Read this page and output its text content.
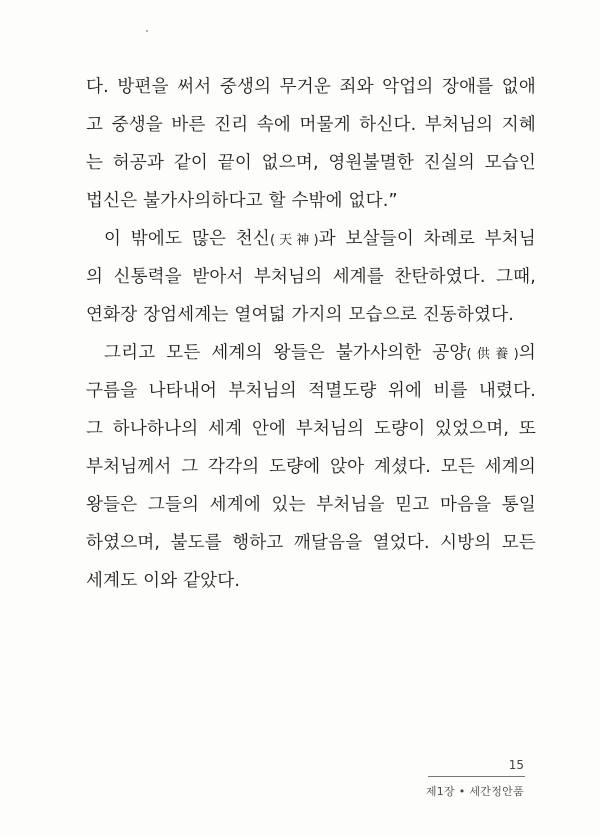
다. 방편을 써서 중생의 무거운 죄와 악업의 장애를 없애
고 중생을 바른 진리 속에 머물게 하신다. 부처님의 지혜
는 허공과 같이 끝이 없으며, 영원불멸한 진실의 모습인
법신은 불가사의하다고 할 수밖에 없다.”
이 밖에도 많은 천신(天神)과 보살들이 차례로 부처님
의 신통력을 받아서 부처님의 세계를 찬탄하였다. 그때,
연화장 장엄세계는 열여덟 가지의 모습으로 진동하였다.
그리고 모든 세계의 왕들은 불가사의한 공양(供養)의
구름을 나타내어 부처님의 적멸도량 위에 비를 내렸다.
그 하나하나의 세계 안에 부처님의 도량이 있었으며, 또
부처님께서 그 각각의 도량에 앉아 계셨다. 모든 세계의
왕들은 그들의 세계에 있는 부처님을 믿고 마음을 통일
하였으며, 불도를 행하고 깨달음을 열었다. 시방의 모든
세계도 이와 같았다.
15
제1장 • 세간정안품
